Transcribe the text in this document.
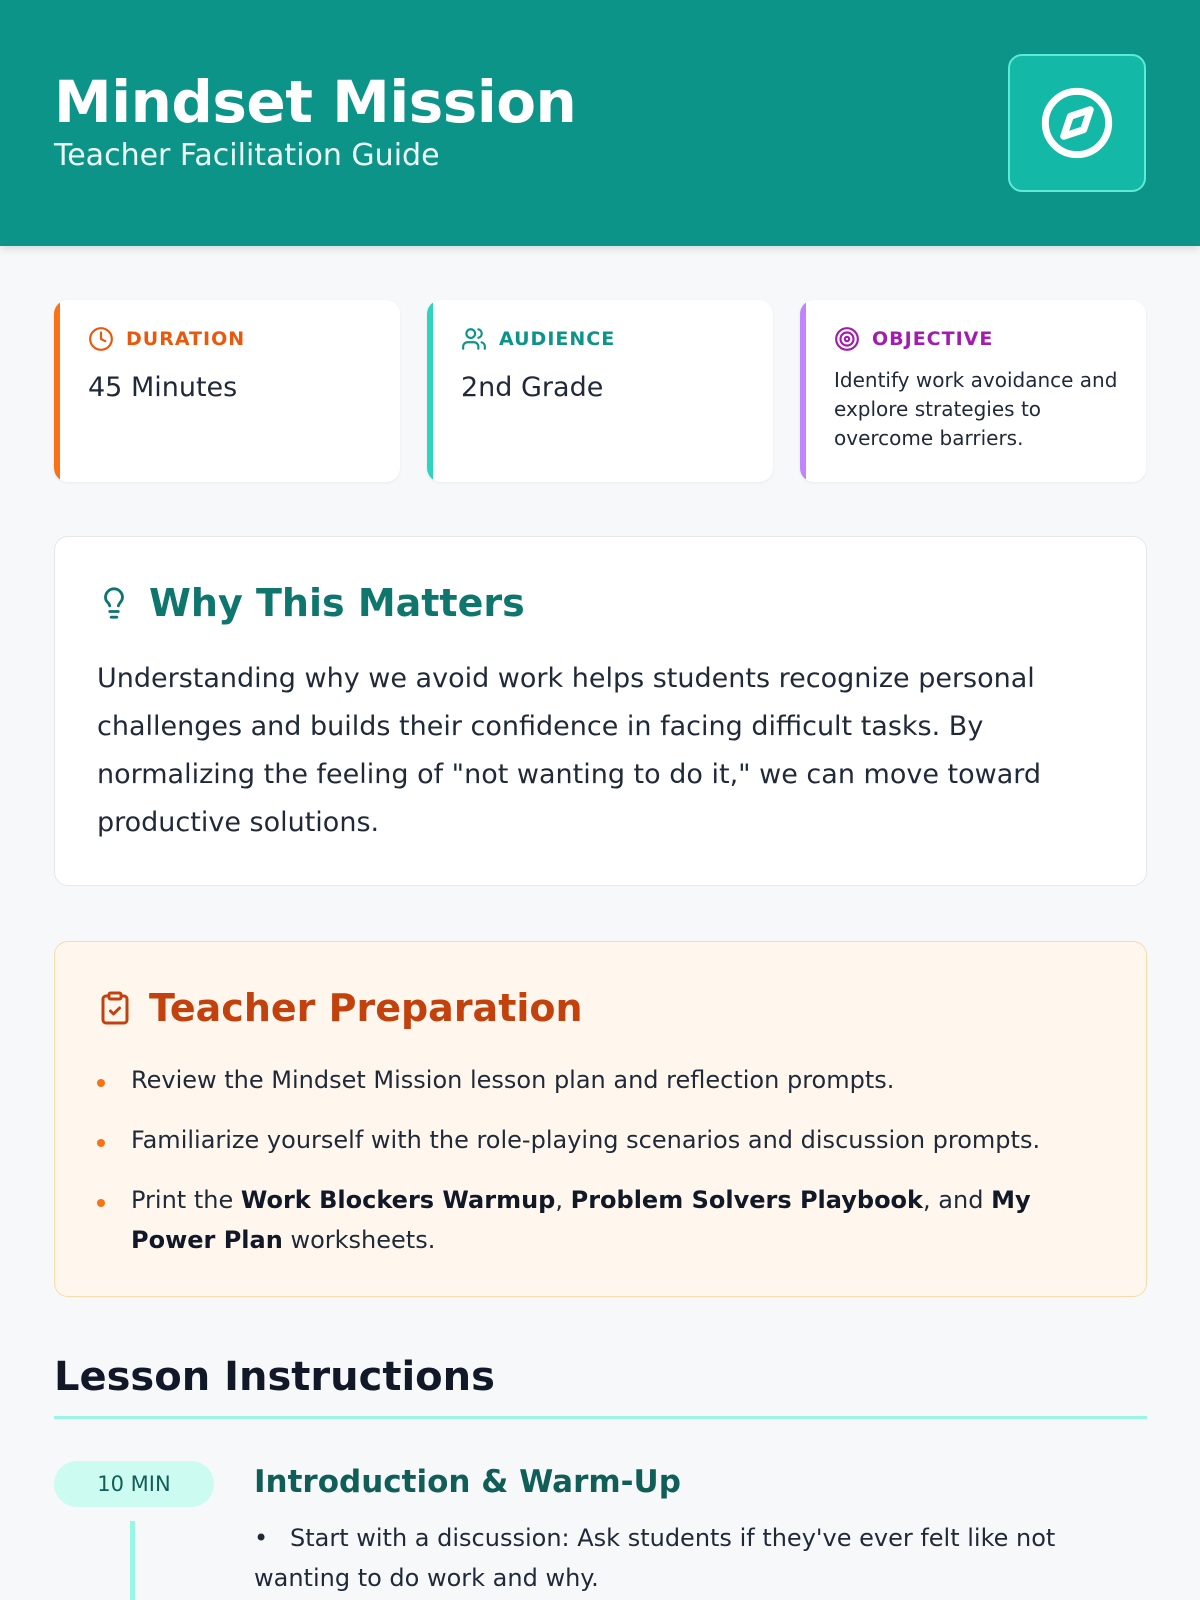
Mindset Mission
Teacher Facilitation Guide
DURATION
45 Minutes
AUDIENCE
2nd Grade
OBJECTIVE
Identify work avoidance and explore strategies to overcome barriers.
Why This Matters

Understanding why we avoid work helps students recognize personal challenges and builds their confidence in facing difficult tasks. By normalizing the feeling of "not wanting to do it," we can move toward productive solutions.

Teacher Preparation
Review the Mindset Mission lesson plan and reflection prompts.
Familiarize yourself with the role-playing scenarios and discussion prompts.
Print the Work Blockers Warmup, Problem Solvers Playbook, and My Power Plan worksheets.
Lesson Instructions
10 MIN	Introduction & Warm-Up

• Start with a discussion: Ask students if they've ever felt like not wanting to do work and why.
